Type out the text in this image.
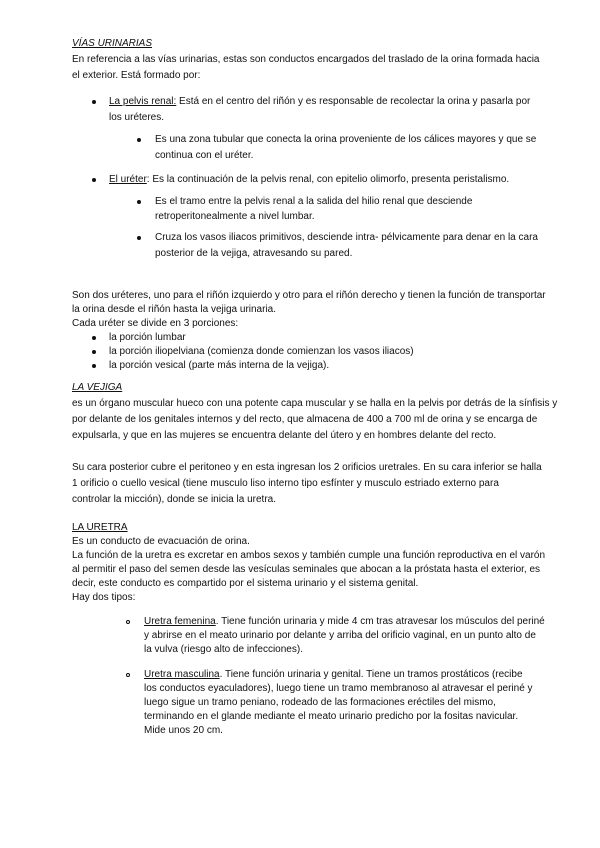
VÍAS URINARIAS
En referencia a las vías urinarias, estas son conductos encargados del traslado de la orina formada hacia
el exterior. Está formado por:
La pelvis renal: Está en el centro del riñón y es responsable de recolectar la orina y pasarla por
los uréteres.
Es una zona tubular que conecta la orina proveniente de los cálices mayores y que se
continua con el uréter.
El uréter: Es la continuación de la pelvis renal, con epitelio olimorfo, presenta peristalismo.
Es el tramo entre la pelvis renal a la salida del hilio renal que desciende
retroperitonealmente a nivel lumbar.
Cruza los vasos iliacos primitivos, desciende intra- pélvicamente para denar en la cara
posterior de la vejiga, atravesando su pared.
Son dos uréteres, uno para el riñón izquierdo y otro para el riñón derecho y tienen la función de transportar
la orina desde el riñón hasta la vejiga urinaria.
Cada uréter se divide en 3 porciones:
la porción lumbar
la porción iliopelviana (comienza donde comienzan los vasos iliacos)
la porción vesical (parte más interna de la vejiga).
LA VEJIGA
es un órgano muscular hueco con una potente capa muscular y se halla en la pelvis por detrás de la sínfisis y
por delante de los genitales internos y del recto, que almacena de 400 a 700 ml de orina y se encarga de
expulsarla, y que en las mujeres se encuentra delante del útero y en hombres delante del recto.
Su cara posterior cubre el peritoneo y en esta ingresan los 2 orificios uretrales. En su cara inferior se halla
1 orificio o cuello vesical (tiene musculo liso interno tipo esfínter y musculo estriado externo para
controlar la micción), donde se inicia la uretra.
LA URETRA
Es un conducto de evacuación de orina.
La función de la uretra es excretar en ambos sexos y también cumple una función reproductiva en el varón
al permitir el paso del semen desde las vesículas seminales que abocan a la próstata hasta el exterior, es
decir, este conducto es compartido por el sistema urinario y el sistema genital.
Hay dos tipos:
Uretra femenina. Tiene función urinaria y mide 4 cm tras atravesar los músculos del periné
y abrirse en el meato urinario por delante y arriba del orificio vaginal, en un punto alto de
la vulva (riesgo alto de infecciones).
Uretra masculina. Tiene función urinaria y genital. Tiene un tramos prostáticos (recibe
los conductos eyaculadores), luego tiene un tramo membranoso al atravesar el periné y
luego sigue un tramo peniano, rodeado de las formaciones eréctiles del mismo,
terminando en el glande mediante el meato urinario predicho por la fositas navicular.
Mide unos 20 cm.
